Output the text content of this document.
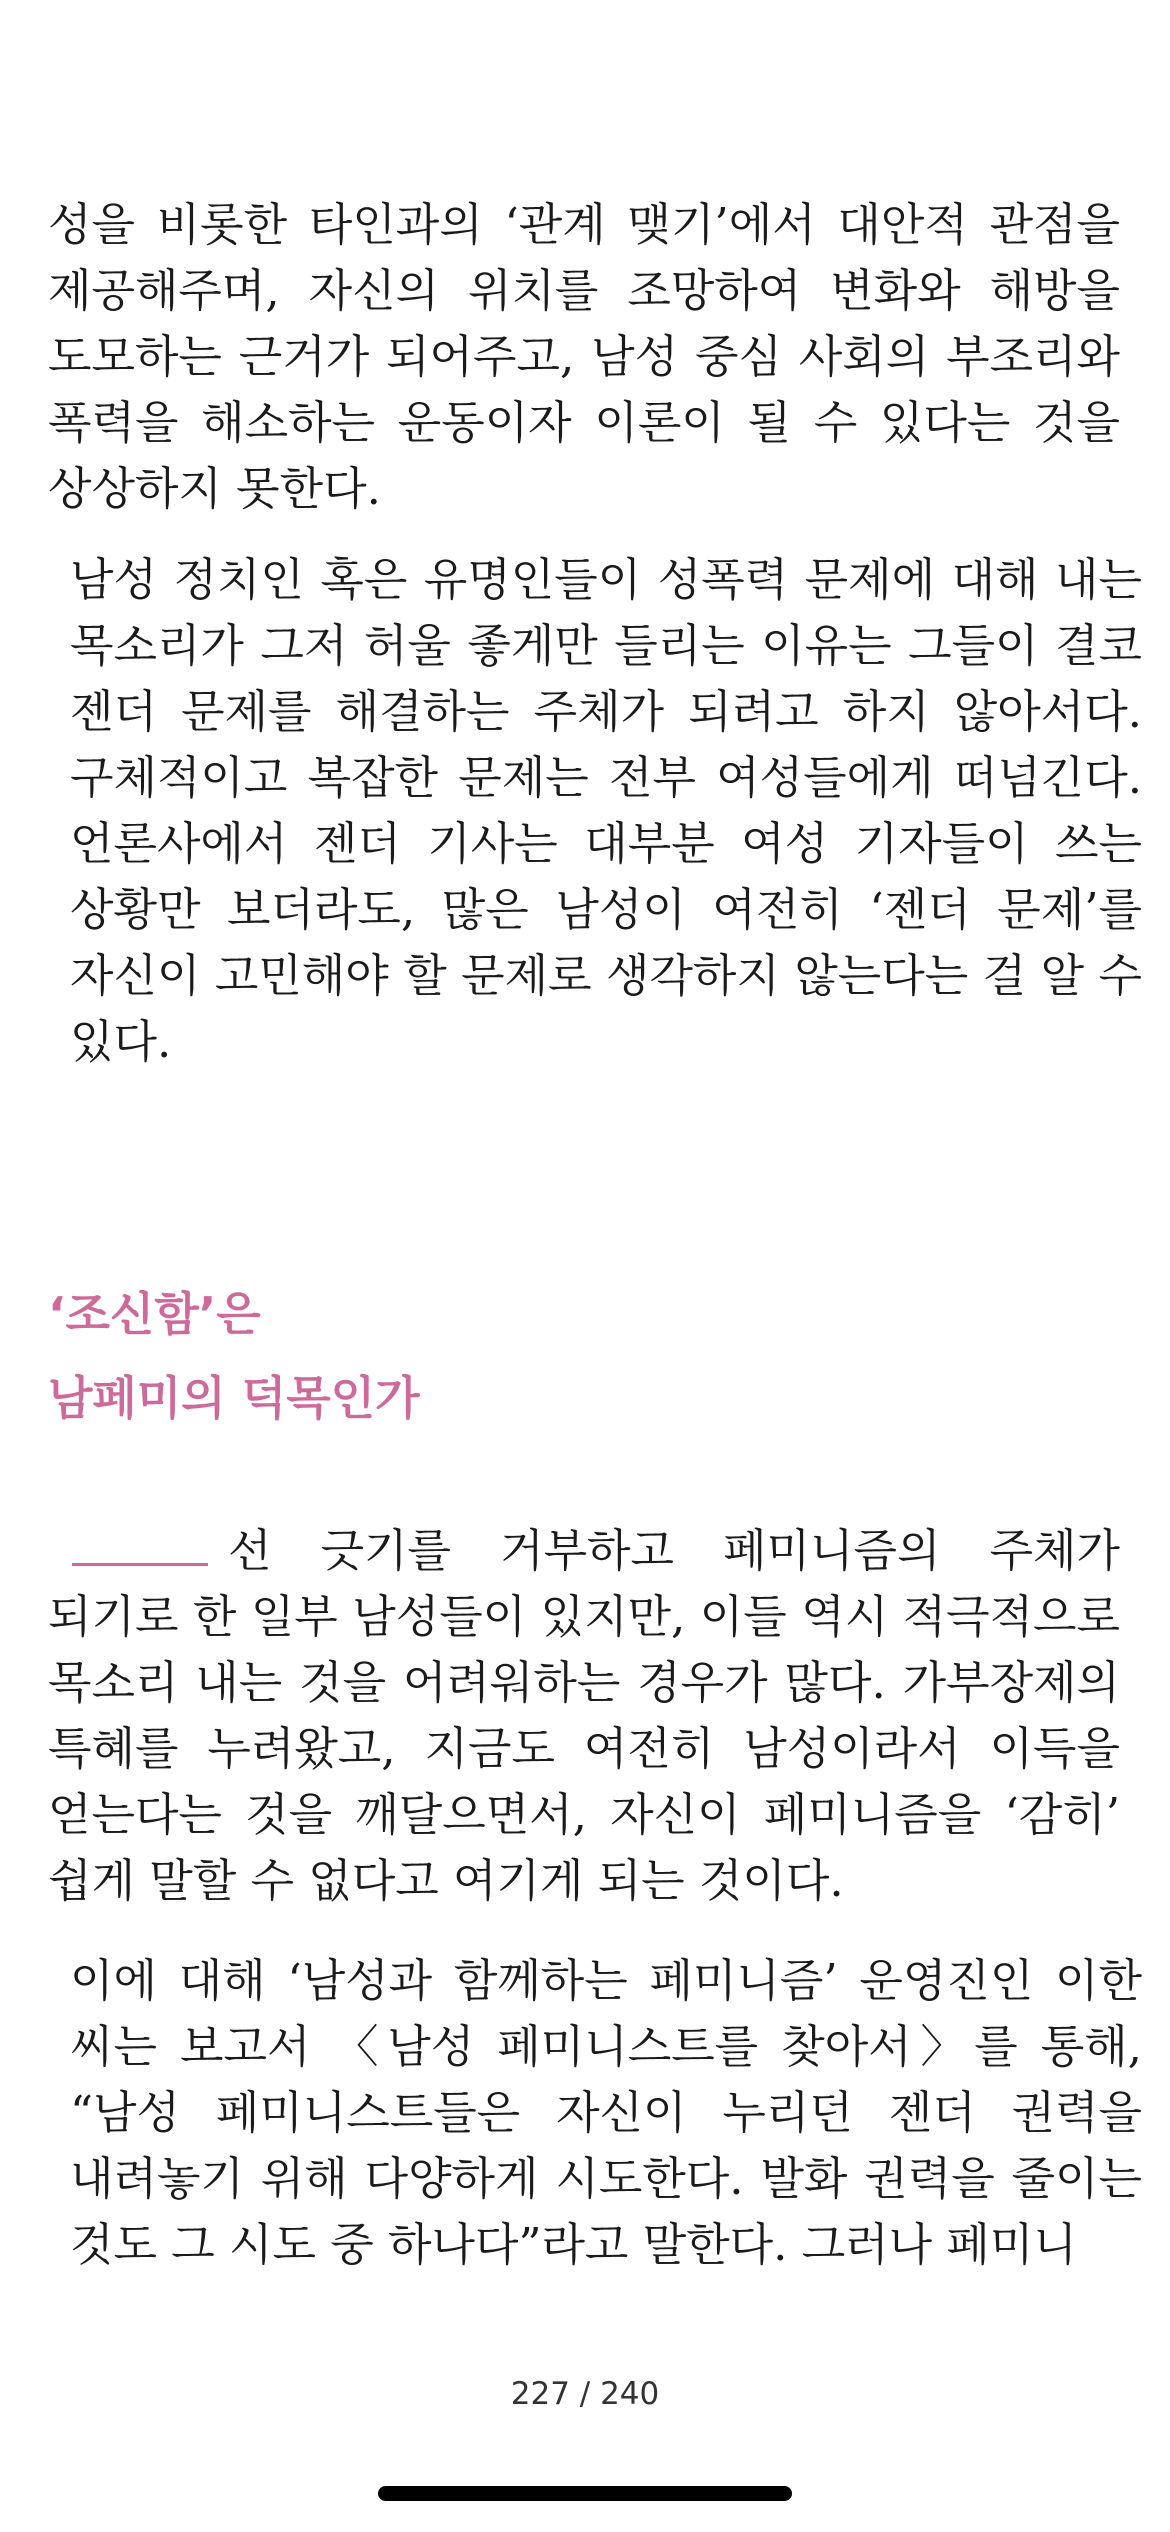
성을 비롯한 타인과의 ‘관계 맺기’에서 대안적 관점을 제공해주며, 자신의 위치를 조망하여 변화와 해방을 도모하는 근거가 되어주고, 남성 중심 사회의 부조리와 폭력을 해소하는 운동이자 이론이 될 수 있다는 것을 상상하지 못한다.

남성 정치인 혹은 유명인들이 성폭력 문제에 대해 내는 목소리가 그저 허울 좋게만 들리는 이유는 그들이 결코 젠더 문제를 해결하는 주체가 되려고 하지 않아서다. 구체적이고 복잡한 문제는 전부 여성들에게 떠넘긴다. 언론사에서 젠더 기사는 대부분 여성 기자들이 쓰는 상황만 보더라도, 많은 남성이 여전히 ‘젠더 문제’를 자신이 고민해야 할 문제로 생각하지 않는다는 걸 알 수 있다.

‘조신함’은
남페미의 덕목인가

선 긋기를 거부하고 페미니즘의 주체가 되기로 한 일부 남성들이 있지만, 이들 역시 적극적으로 목소리 내는 것을 어려워하는 경우가 많다. 가부장제의 특혜를 누려왔고, 지금도 여전히 남성이라서 이득을 얻는다는 것을 깨달으면서, 자신이 페미니즘을 ‘감히’ 쉽게 말할 수 없다고 여기게 되는 것이다.

이에 대해 ‘남성과 함께하는 페미니즘’ 운영진인 이한 씨는 보고서 〈남성 페미니스트를 찾아서〉를 통해, “남성 페미니스트들은 자신이 누리던 젠더 권력을 내려놓기 위해 다양하게 시도한다. 발화 권력을 줄이는 것도 그 시도 중 하나다”라고 말한다. 그러나 페미니

227 / 240
